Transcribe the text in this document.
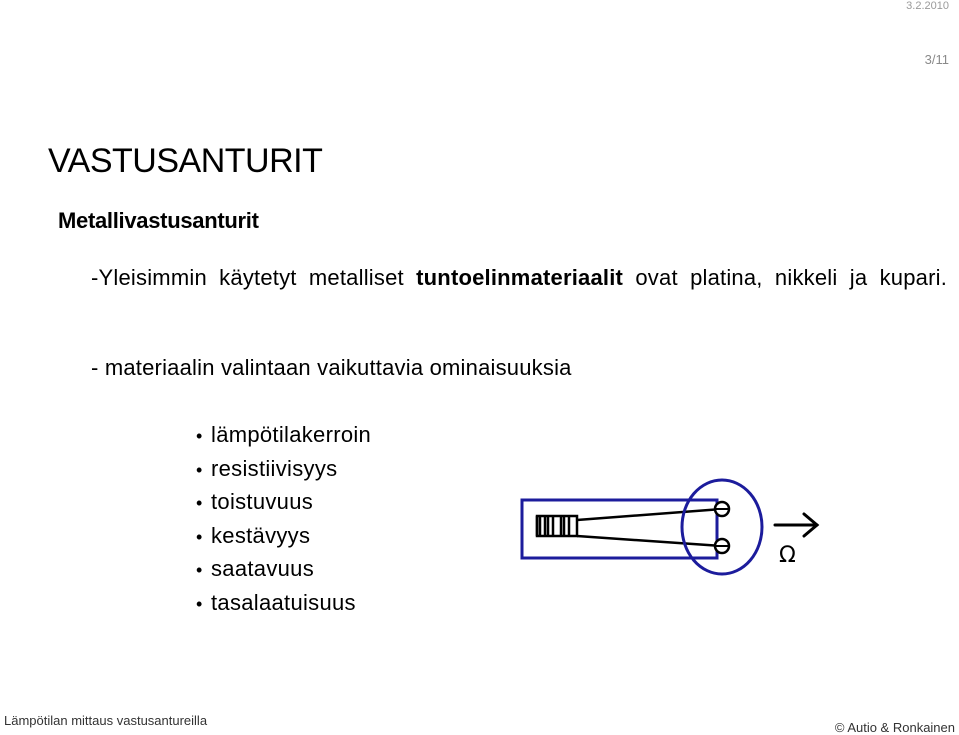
3.2.2010
3/11
VASTUSANTURIT
Metallivastusanturit
-Yleisimmin käytetyt metalliset tuntoelinmateriaalit ovat platina, nikkeli ja kupari.
- materiaalin valintaan vaikuttavia ominaisuuksia
• lämpötilakerroin
• resistiivisyys
• toistuvuus
• kestävyys
• saatavuus
• tasalaatuisuus
Ω
Lämpötilan mittaus vastusantureilla	© Autio & Ronkainen
